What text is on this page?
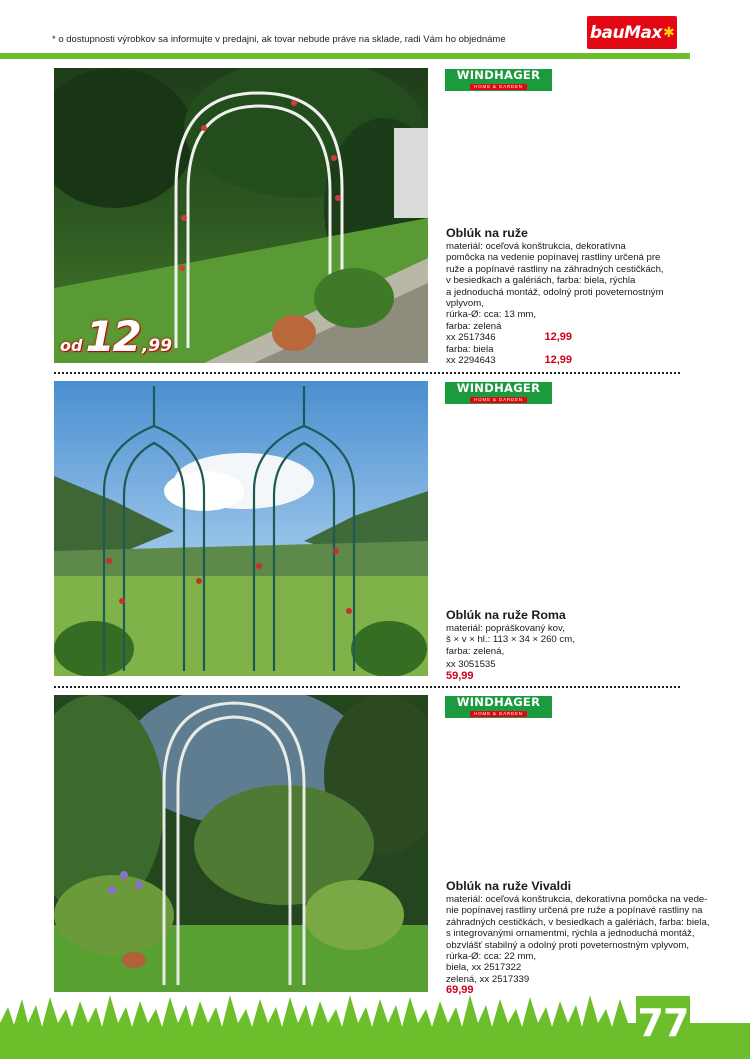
* o dostupnosti výrobkov sa informujte v predajni, ak tovar nebude práve na sklade, radi Vám ho objednáme	bauMax ✱
od 12 ,99
WINDHAGER
HOME & GARDEN
Oblúk na ruže

materiál: oceľová konštrukcia, dekoratívna
pomôcka na vedenie popínavej rastliny určená pre
ruže a popínavé rastliny na záhradných cestičkách,
v besiedkach a galériách, farba: biela, rýchla
a jednoduchá montáž, odolný proti poveternostným
vplyvom,
rúrka-Ø: cca: 13 mm,

farba: zelená
xx 2517346	12,99
farba: biela
xx 2294643	12,99
WINDHAGER
HOME & GARDEN
Oblúk na ruže Roma

materiál: popráškovaný kov,
š × v × hl.: 113 × 34 × 260 cm,
farba: zelená,

xx 3051535
59,99
WINDHAGER
HOME & GARDEN
Oblúk na ruže Vivaldi

materiál: oceľová konštrukcia, dekoratívna pomôcka na vede-
nie popínavej rastliny určená pre ruže a popínavé rastliny na
záhradných cestičkách, v besiedkach a galériách, farba: biela,
s integrovanými ornamentmi, rýchla a jednoduchá montáž,
obzvlášť stabilný a odolný proti poveternostným vplyvom,
rúrka-Ø: cca: 22 mm,
biela, xx 2517322
zelená, xx 2517339

69,99
77
